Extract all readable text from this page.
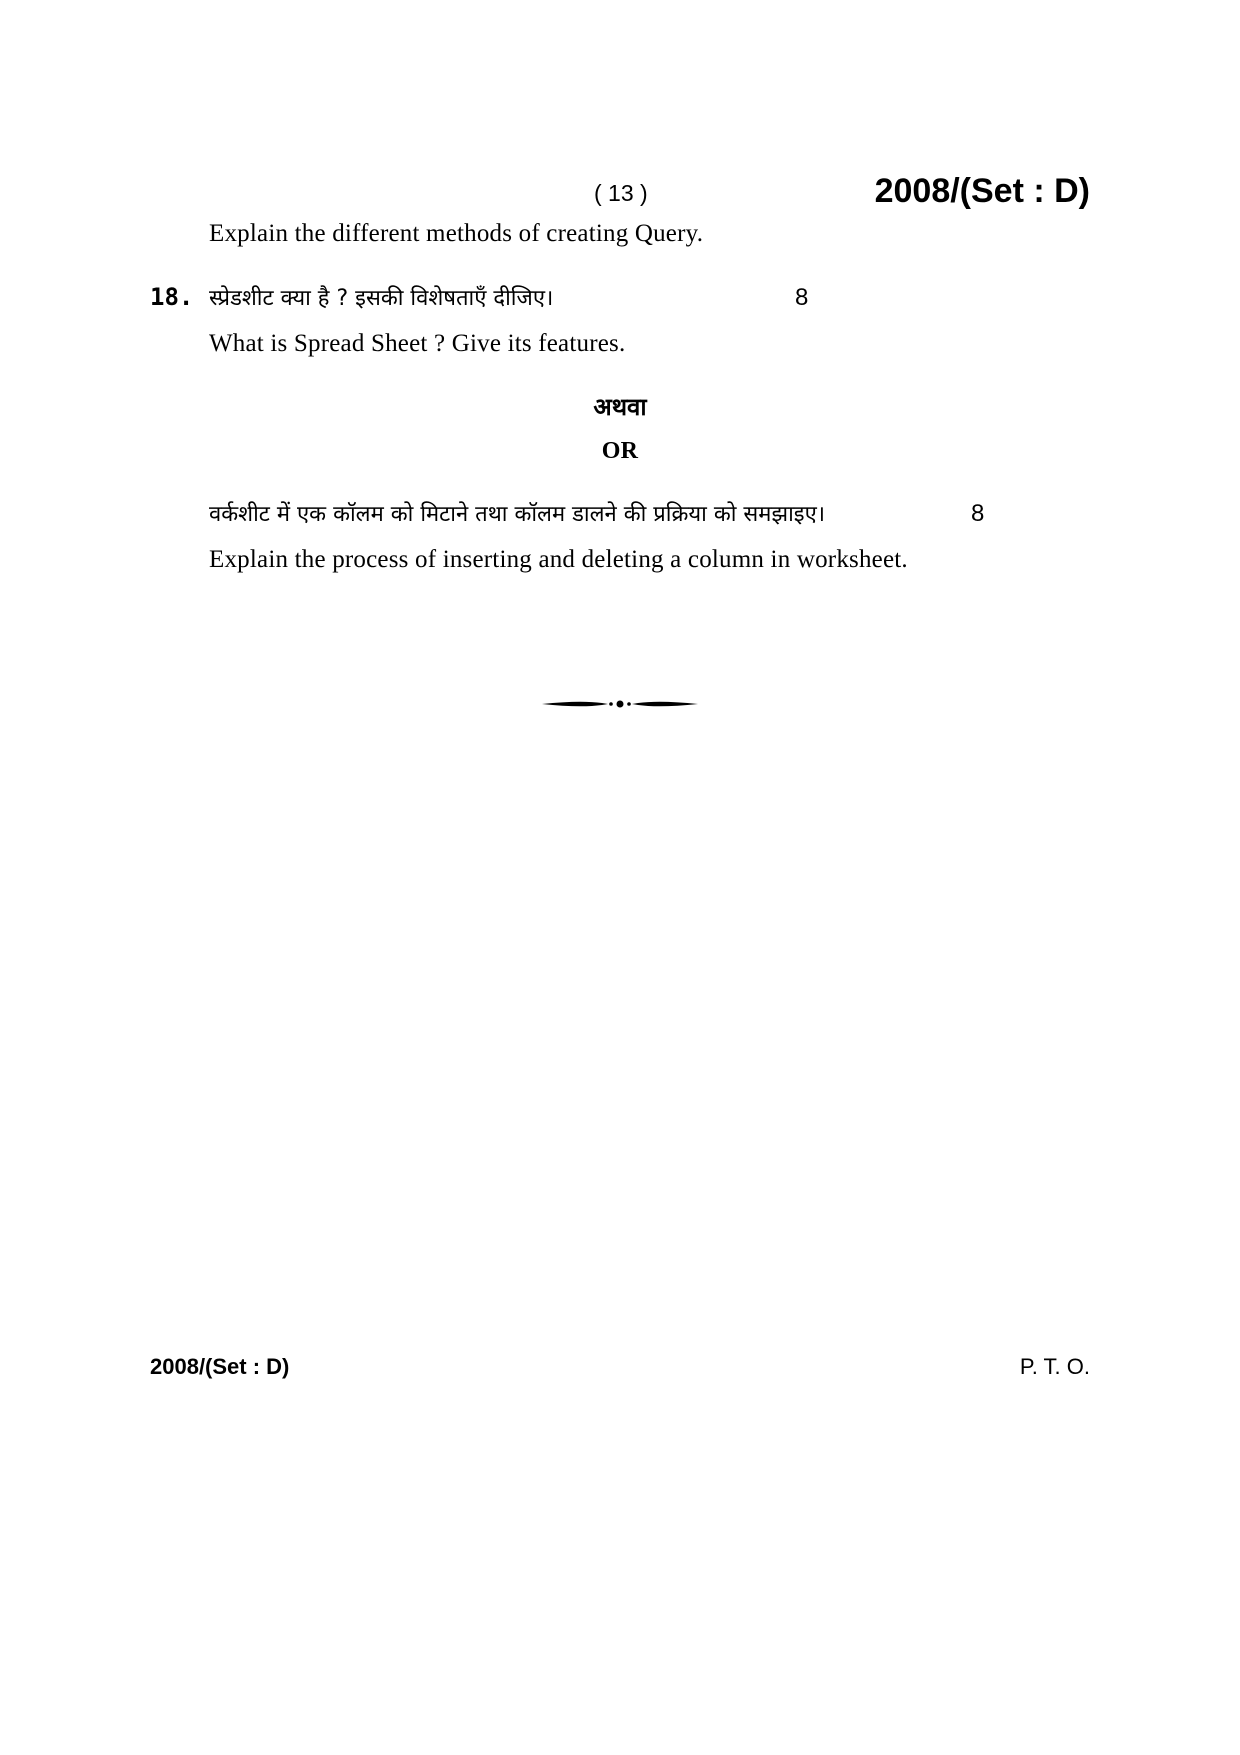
( 13 )	2008/(Set : D)
Explain the different methods of creating Query.
18. स्प्रेडशीट क्या है ? इसकी विशेषताएँ दीजिए।	8
What is Spread Sheet ? Give its features.
अथवा
OR
वर्कशीट में एक कॉलम को मिटाने तथा कॉलम डालने की प्रक्रिया को समझाइए।	8
Explain the process of inserting and deleting a column in worksheet.
2008/(Set : D)	P. T. O.
